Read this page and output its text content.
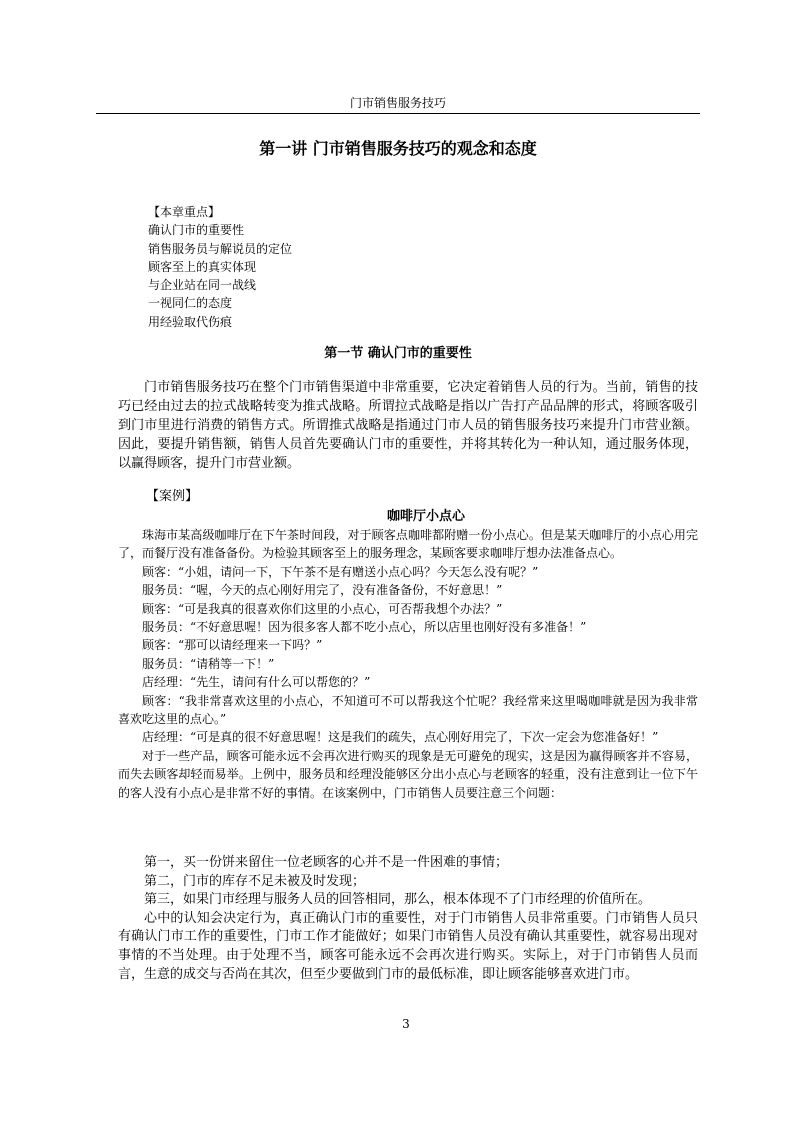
门市销售服务技巧
第一讲 门市销售服务技巧的观念和态度
【本章重点】
确认门市的重要性
销售服务员与解说员的定位
顾客至上的真实体现
与企业站在同一战线
一视同仁的态度
用经验取代伤痕
第一节 确认门市的重要性

门市销售服务技巧在整个门市销售渠道中非常重要，它决定着销售人员的行为。当前，销售的技巧已经由过去的拉式战略转变为推式战略。所谓拉式战略是指以广告打产品品牌的形式，将顾客吸引到门市里进行消费的销售方式。所谓推式战略是指通过门市人员的销售服务技巧来提升门市营业额。因此，要提升销售额，销售人员首先要确认门市的重要性，并将其转化为一种认知，通过服务体现，以赢得顾客，提升门市营业额。

【案例】
咖啡厅小点心

珠海市某高级咖啡厅在下午茶时间段，对于顾客点咖啡都附赠一份小点心。但是某天咖啡厅的小点心用完了，而餐厅没有准备备份。为检验其顾客至上的服务理念，某顾客要求咖啡厅想办法准备点心。

顾客：“小姐，请问一下，下午茶不是有赠送小点心吗？今天怎么没有呢？”

服务员：“喔，今天的点心刚好用完了，没有准备备份，不好意思！”

顾客：“可是我真的很喜欢你们这里的小点心，可否帮我想个办法？”

服务员：“不好意思喔！因为很多客人都不吃小点心，所以店里也刚好没有多准备！”

顾客：“那可以请经理来一下吗？”

服务员：“请稍等一下！”

店经理：“先生，请问有什么可以帮您的？”

顾客：“我非常喜欢这里的小点心，不知道可不可以帮我这个忙呢？我经常来这里喝咖啡就是因为我非常喜欢吃这里的点心。”

店经理：“可是真的很不好意思喔！这是我们的疏失，点心刚好用完了，下次一定会为您准备好！”

对于一些产品，顾客可能永远不会再次进行购买的现象是无可避免的现实，这是因为赢得顾客并不容易，而失去顾客却轻而易举。上例中，服务员和经理没能够区分出小点心与老顾客的轻重，没有注意到让一位下午的客人没有小点心是非常不好的事情。在该案例中，门市销售人员要注意三个问题：

第一，买一份饼来留住一位老顾客的心并不是一件困难的事情；

第二，门市的库存不足未被及时发现；

第三，如果门市经理与服务人员的回答相同，那么，根本体现不了门市经理的价值所在。

心中的认知会决定行为，真正确认门市的重要性，对于门市销售人员非常重要。门市销售人员只有确认门市工作的重要性，门市工作才能做好；如果门市销售人员没有确认其重要性，就容易出现对事情的不当处理。由于处理不当，顾客可能永远不会再次进行购买。实际上，对于门市销售人员而言，生意的成交与否尚在其次，但至少要做到门市的最低标准，即让顾客能够喜欢进门市。

3
